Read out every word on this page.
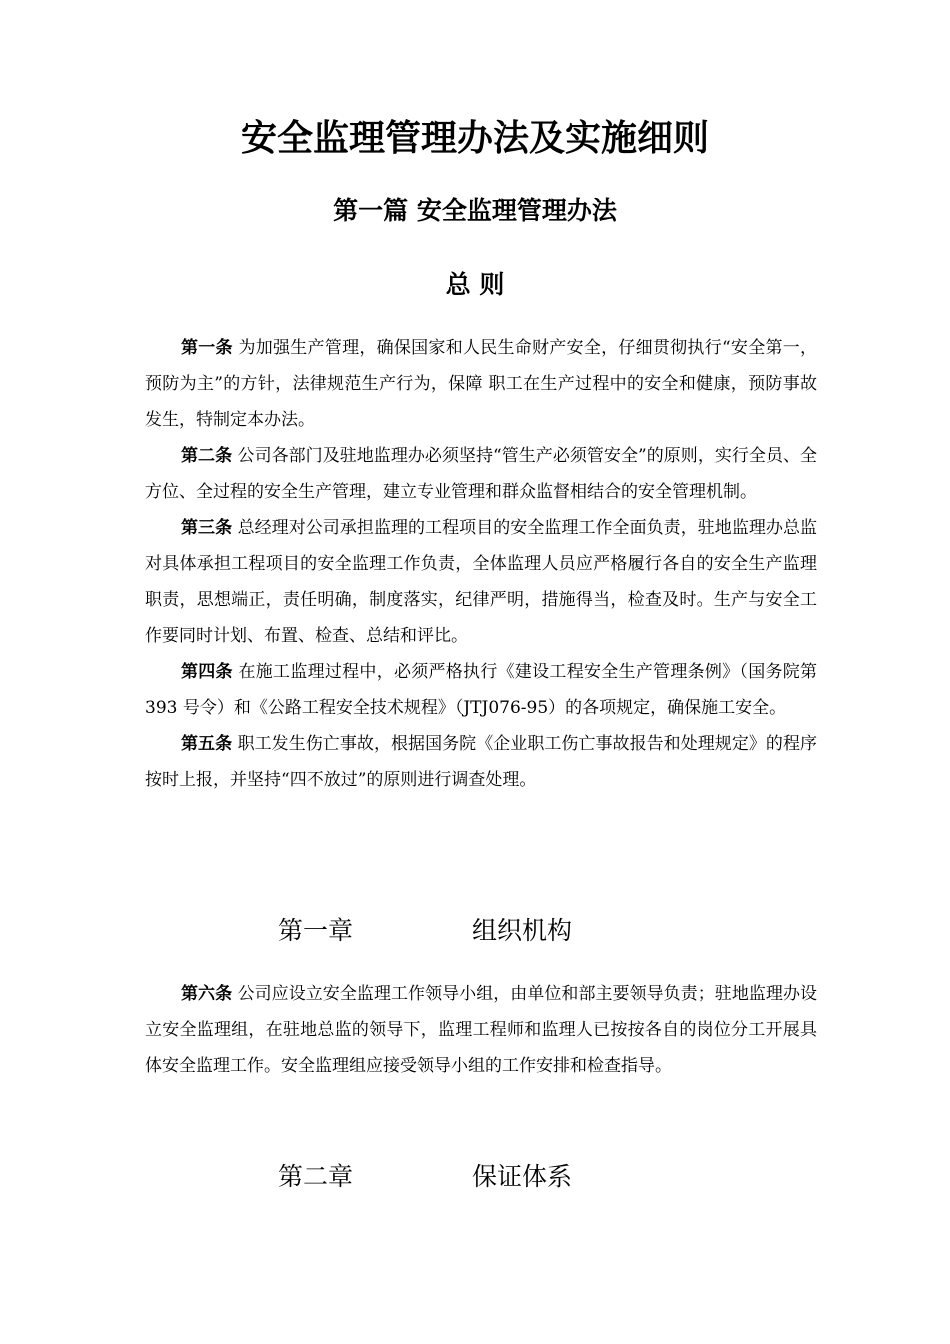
安全监理管理办法及实施细则
第一篇 安全监理管理办法
总 则

第一条 为加强生产管理，确保国家和人民生命财产安全，仔细贯彻执行“安全第一，预防为主”的方针，法律规范生产行为，保障 职工在生产过程中的安全和健康，预防事故发生，特制定本办法。

第二条 公司各部门及驻地监理办必须坚持“管生产必须管安全”的原则，实行全员、全方位、全过程的安全生产管理，建立专业管理和群众监督相结合的安全管理机制。

第三条 总经理对公司承担监理的工程项目的安全监理工作全面负责，驻地监理办总监对具体承担工程项目的安全监理工作负责，全体监理人员应严格履行各自的安全生产监理职责，思想端正，责任明确，制度落实，纪律严明，措施得当，检查及时。生产与安全工作要同时计划、布置、检查、总结和评比。

第四条 在施工监理过程中，必须严格执行《建设工程安全生产管理条例》（国务院第 393 号令）和《公路工程安全技术规程》（JTJ076-95）的各项规定，确保施工安全。

第五条 职工发生伤亡事故，根据国务院《企业职工伤亡事故报告和处理规定》的程序按时上报，并坚持“四不放过”的原则进行调查处理。

第一章	组织机构

第六条 公司应设立安全监理工作领导小组，由单位和部主要领导负责；驻地监理办设立安全监理组，在驻地总监的领导下，监理工程师和监理人已按按各自的岗位分工开展具体安全监理工作。安全监理组应接受领导小组的工作安排和检查指导。

第二章	保证体系
